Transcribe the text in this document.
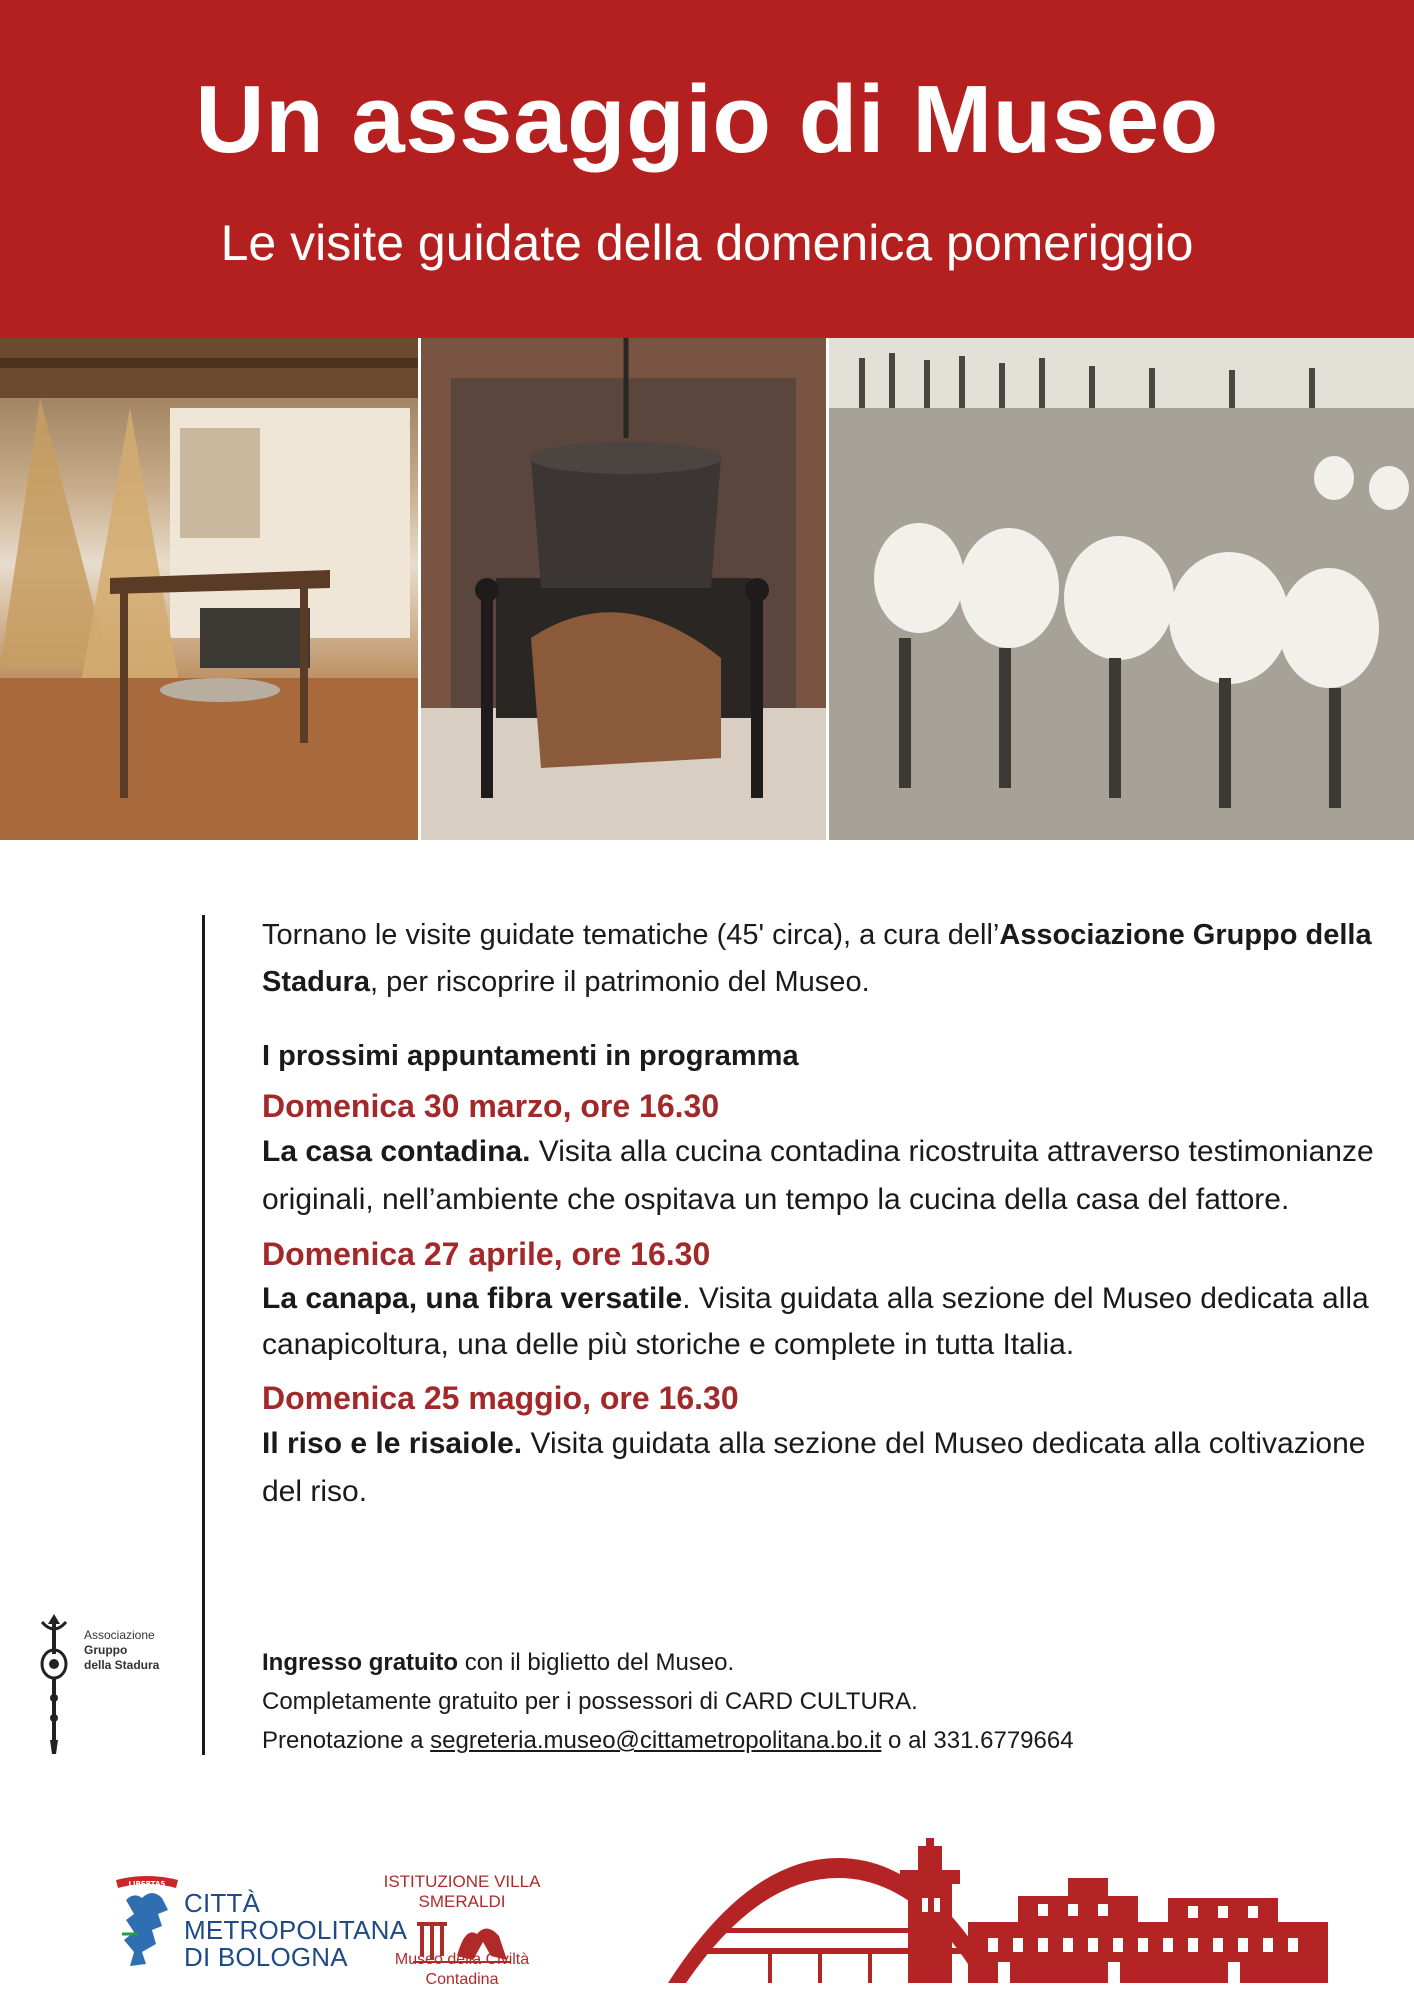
Un assaggio di Museo
Le visite guidate della domenica pomeriggio

Tornano le visite guidate tematiche (45' circa), a cura dell’Associazione Gruppo della Stadura, per riscoprire il patrimonio del Museo.

I prossimi appuntamenti in programma

Domenica 30 marzo, ore 16.30

La casa contadina. Visita alla cucina contadina ricostruita attraverso testimonianze originali, nell’ambiente che ospitava un tempo la cucina della casa del fattore.

Domenica 27 aprile, ore 16.30

La canapa, una fibra versatile. Visita guidata alla sezione del Museo dedicata alla canapicoltura, una delle più storiche e complete in tutta Italia.

Domenica 25 maggio, ore 16.30

Il riso e le risaiole. Visita guidata alla sezione del Museo dedicata alla coltivazione del riso.

Ingresso gratuito con il biglietto del Museo.

Completamente gratuito per i possessori di CARD CULTURA.

Prenotazione a segreteria.museo@cittametropolitana.bo.it o al 331.6779664

Associazione
Gruppo
della Stadura
LIBERTAS
CITTÀ
METROPOLITANA
DI BOLOGNA
ISTITUZIONE VILLA SMERALDI
Museo della Civiltà Contadina
